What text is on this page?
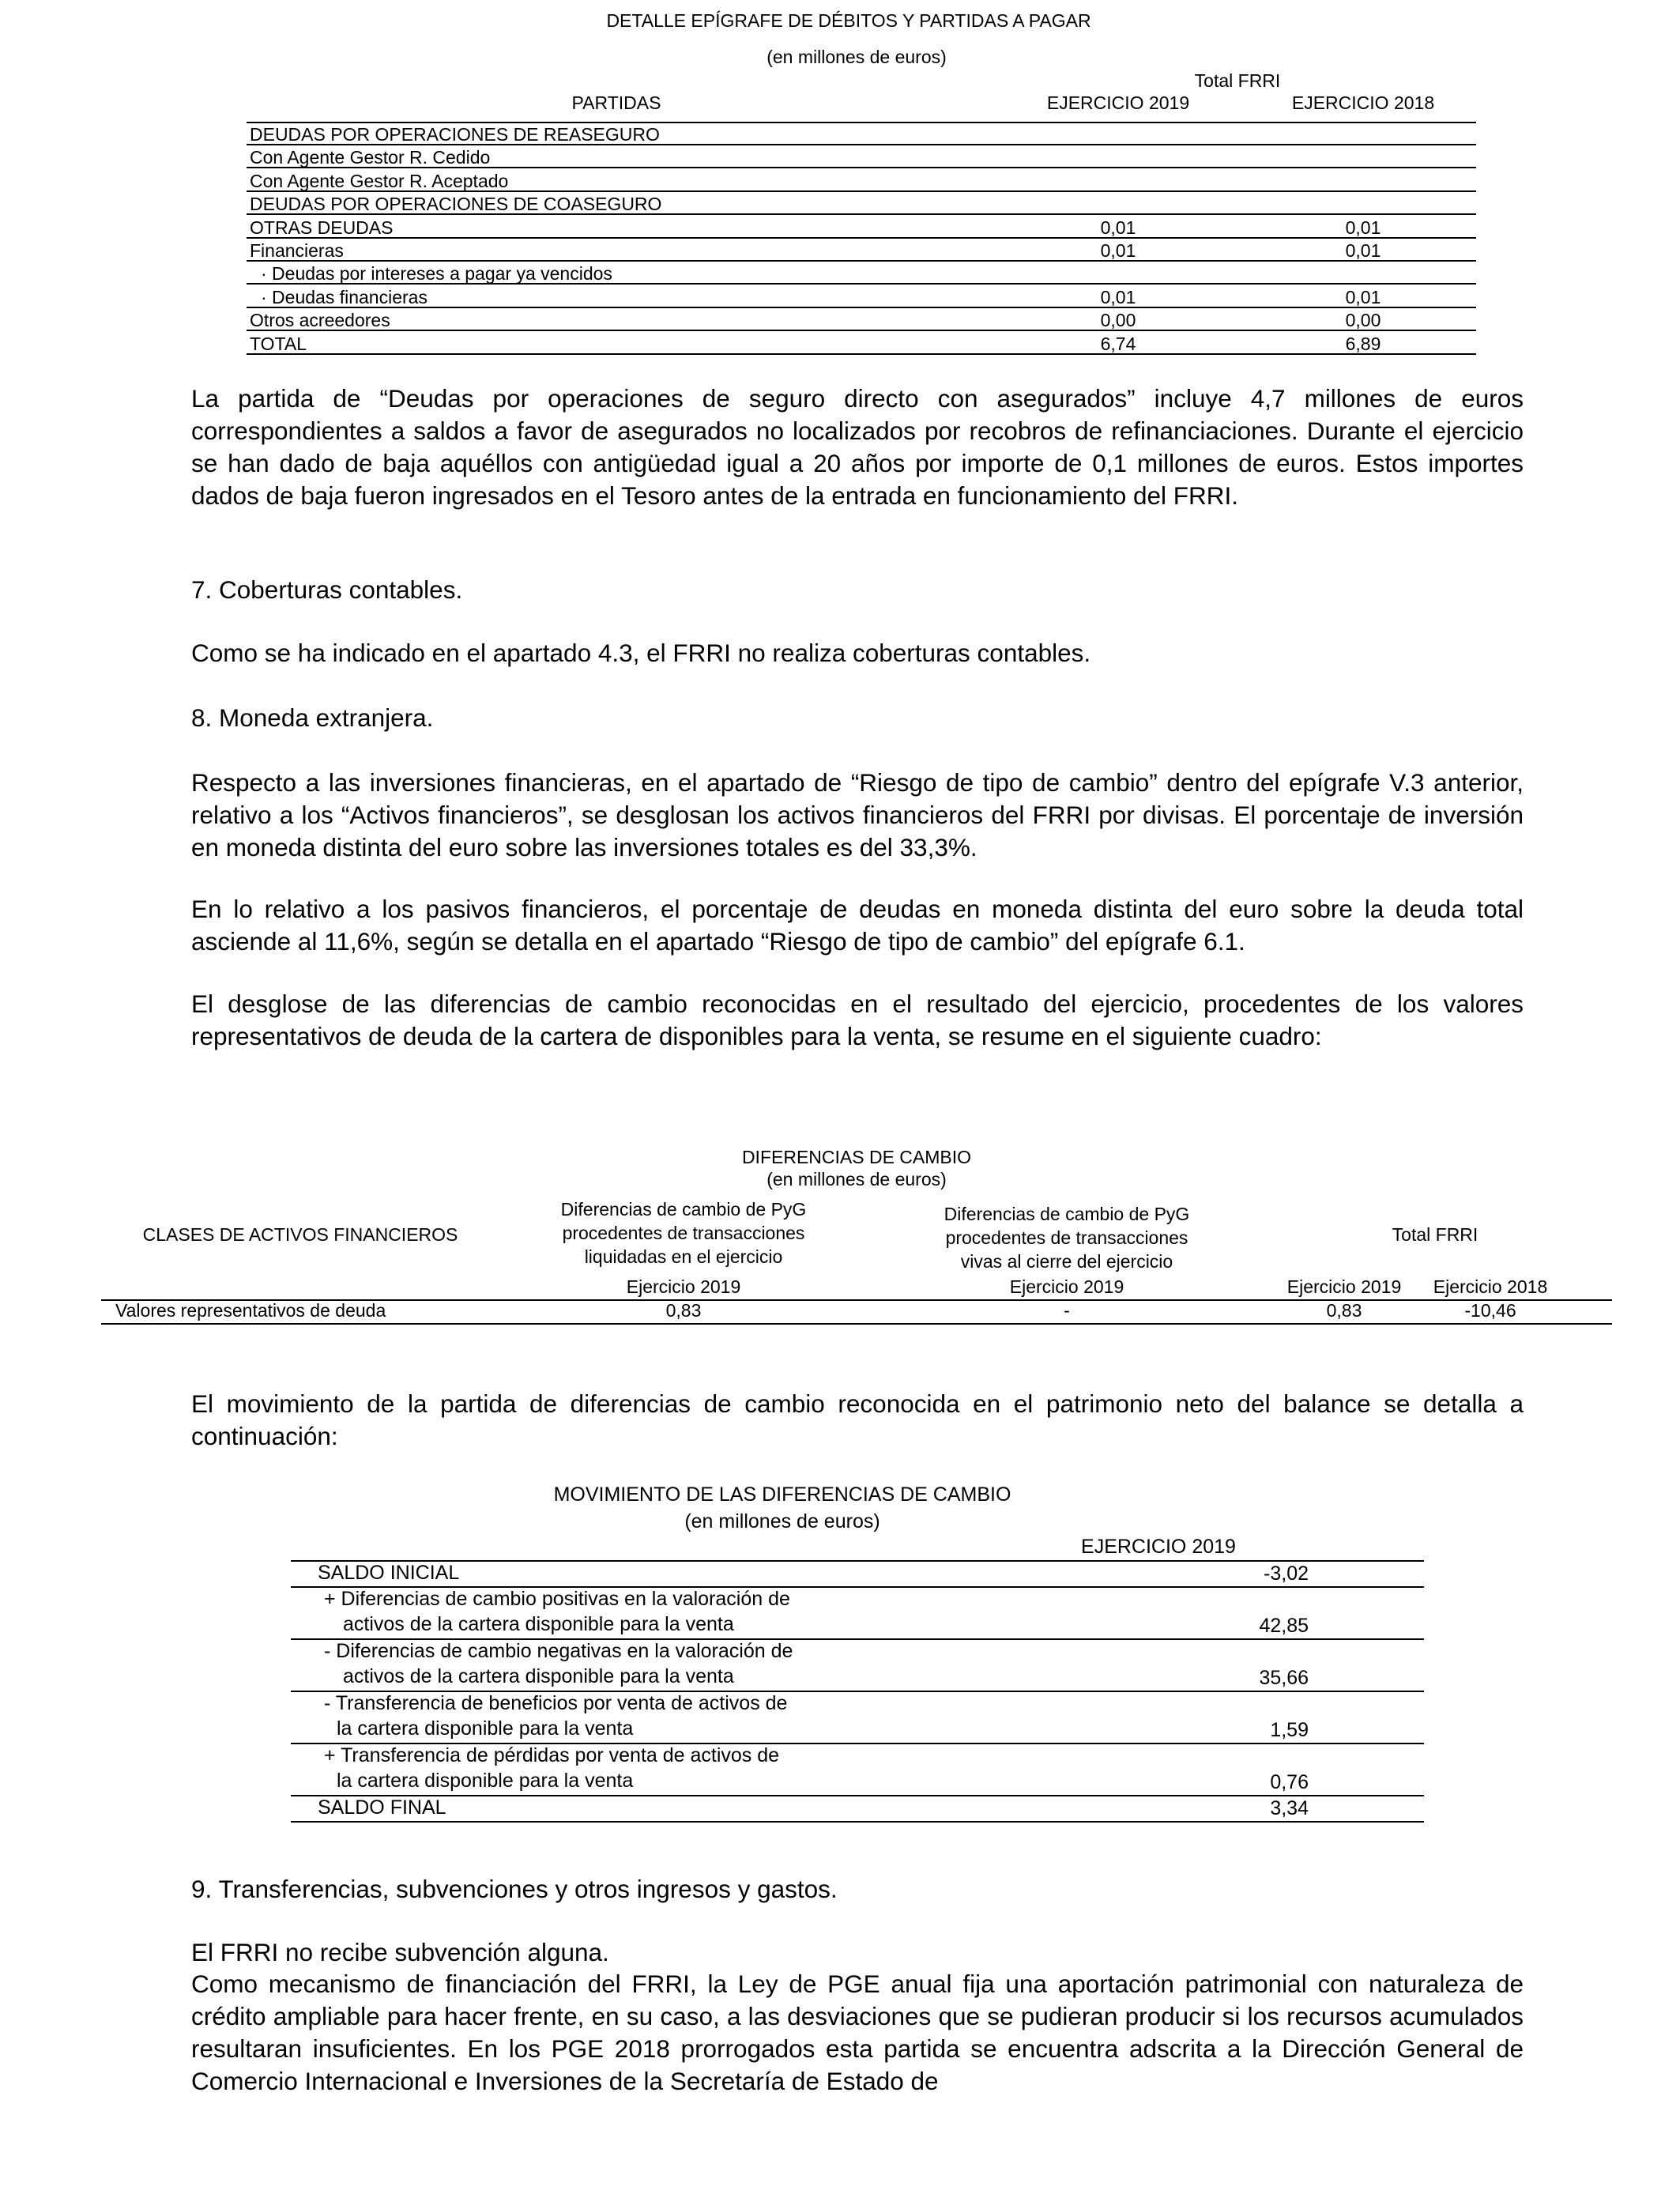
DETALLE EPÍGRAFE DE DÉBITOS Y PARTIDAS A PAGAR
(en millones de euros)
Total FRRI
PARTIDAS	EJERCICIO 2019	EJERCICIO 2018
DEUDAS POR OPERACIONES DE REASEGURO
Con Agente Gestor R. Cedido
Con Agente Gestor R. Aceptado
DEUDAS POR OPERACIONES DE COASEGURO
OTRAS DEUDAS	0,01	0,01
Financieras	0,01	0,01
· Deudas por intereses a pagar ya vencidos
· Deudas financieras	0,01	0,01
Otros acreedores	0,00	0,00
TOTAL	6,74	6,89

La partida de “Deudas por operaciones de seguro directo con asegurados” incluye 4,7 millones de euros correspondientes a saldos a favor de asegurados no localizados por recobros de refinanciaciones. Durante el ejercicio se han dado de baja aquéllos con antigüedad igual a 20 años por importe de 0,1 millones de euros. Estos importes dados de baja fueron ingresados en el Tesoro antes de la entrada en funcionamiento del FRRI.

7. Coberturas contables.

Como se ha indicado en el apartado 4.3, el FRRI no realiza coberturas contables.

8. Moneda extranjera.

Respecto a las inversiones financieras, en el apartado de “Riesgo de tipo de cambio” dentro del epígrafe V.3 anterior, relativo a los “Activos financieros”, se desglosan los activos financieros del FRRI por divisas. El porcentaje de inversión en moneda distinta del euro sobre las inversiones totales es del 33,3%.

En lo relativo a los pasivos financieros, el porcentaje de deudas en moneda distinta del euro sobre la deuda total asciende al 11,6%, según se detalla en el apartado “Riesgo de tipo de cambio” del epígrafe 6.1.

El desglose de las diferencias de cambio reconocidas en el resultado del ejercicio, procedentes de los valores representativos de deuda de la cartera de disponibles para la venta, se resume en el siguiente cuadro:

DIFERENCIAS DE CAMBIO
(en millones de euros)
CLASES DE ACTIVOS FINANCIEROS
Diferencias de cambio de PyG
procedentes de transacciones
liquidadas en el ejercicio
Diferencias de cambio de PyG
procedentes de transacciones
vivas al cierre del ejercicio
Total FRRI
Ejercicio 2019	Ejercicio 2019	Ejercicio 2019	Ejercicio 2018
Valores representativos de deuda	0,83	-	0,83	-10,46

El movimiento de la partida de diferencias de cambio reconocida en el patrimonio neto del balance se detalla a continuación:

MOVIMIENTO DE LAS DIFERENCIAS DE CAMBIO
(en millones de euros)
EJERCICIO 2019
SALDO INICIAL	-3,02
+ Diferencias de cambio positivas en la valoración de
activos de la cartera disponible para la venta	42,85
- Diferencias de cambio negativas en la valoración de
activos de la cartera disponible para la venta	35,66
- Transferencia de beneficios por venta de activos de
la cartera disponible para la venta	1,59
+ Transferencia de pérdidas por venta de activos de
la cartera disponible para la venta	0,76
SALDO FINAL	3,34

9. Transferencias, subvenciones y otros ingresos y gastos.

El FRRI no recibe subvención alguna.

Como mecanismo de financiación del FRRI, la Ley de PGE anual fija una aportación patrimonial con naturaleza de crédito ampliable para hacer frente, en su caso, a las desviaciones que se pudieran producir si los recursos acumulados resultaran insuficientes. En los PGE 2018 prorrogados esta partida se encuentra adscrita a la Dirección General de Comercio Internacional e Inversiones de la Secretaría de Estado de
